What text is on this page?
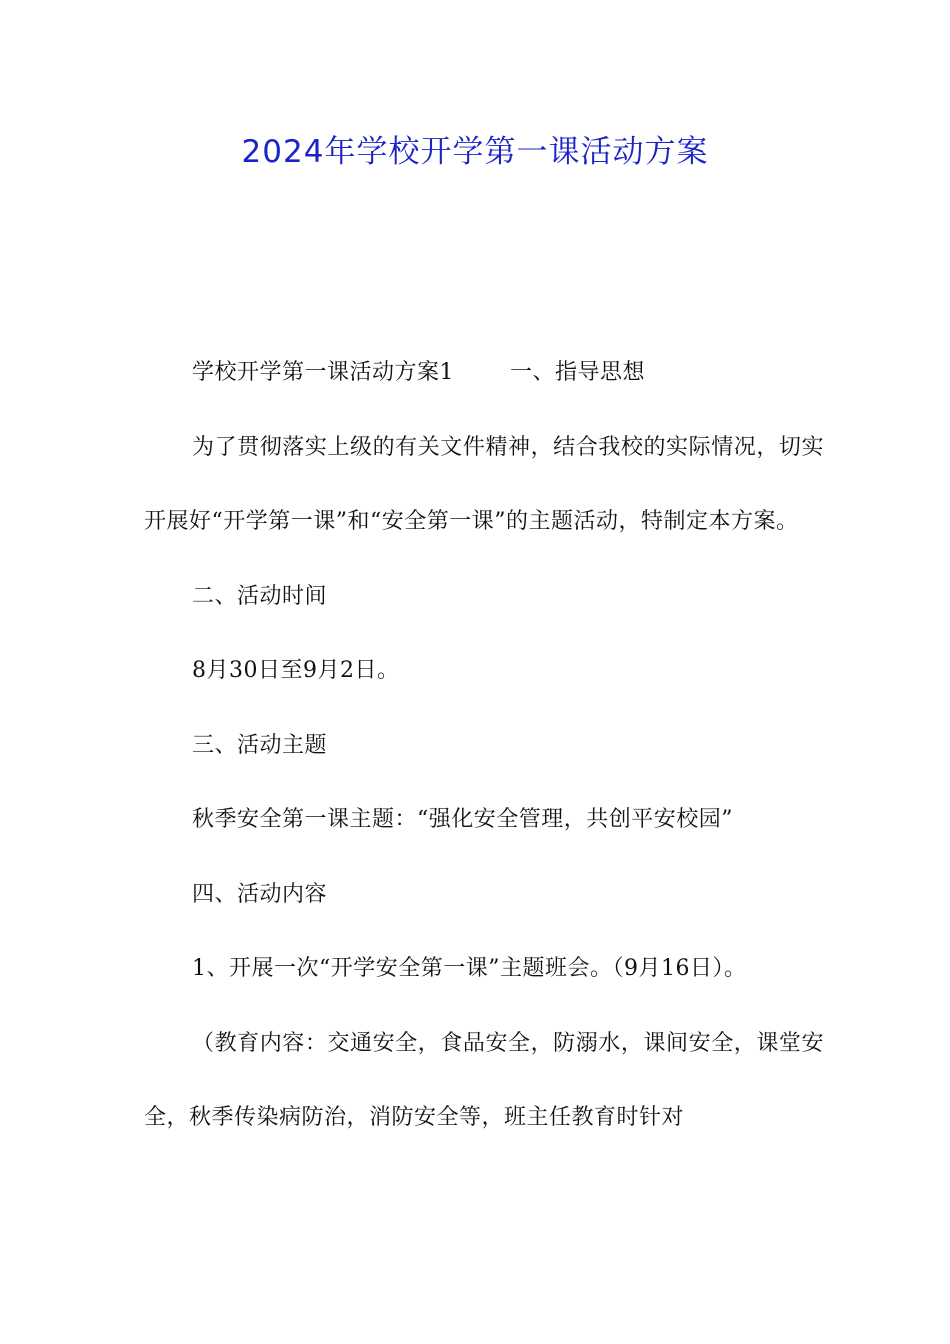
2024年学校开学第一课活动方案

学校开学第一课活动方案1	一、指导思想

为了贯彻落实上级的有关文件精神，结合我校的实际情况，切实开展好“开学第一课”和“安全第一课”的主题活动，特制定本方案。

二、活动时间

8月30日至9月2日。

三、活动主题

秋季安全第一课主题：“强化安全管理，共创平安校园”

四、活动内容

1、开展一次“开学安全第一课”主题班会。（9月16日）。

（教育内容：交通安全，食品安全，防溺水，课间安全，课堂安全，秋季传染病防治，消防安全等，班主任教育时针对
